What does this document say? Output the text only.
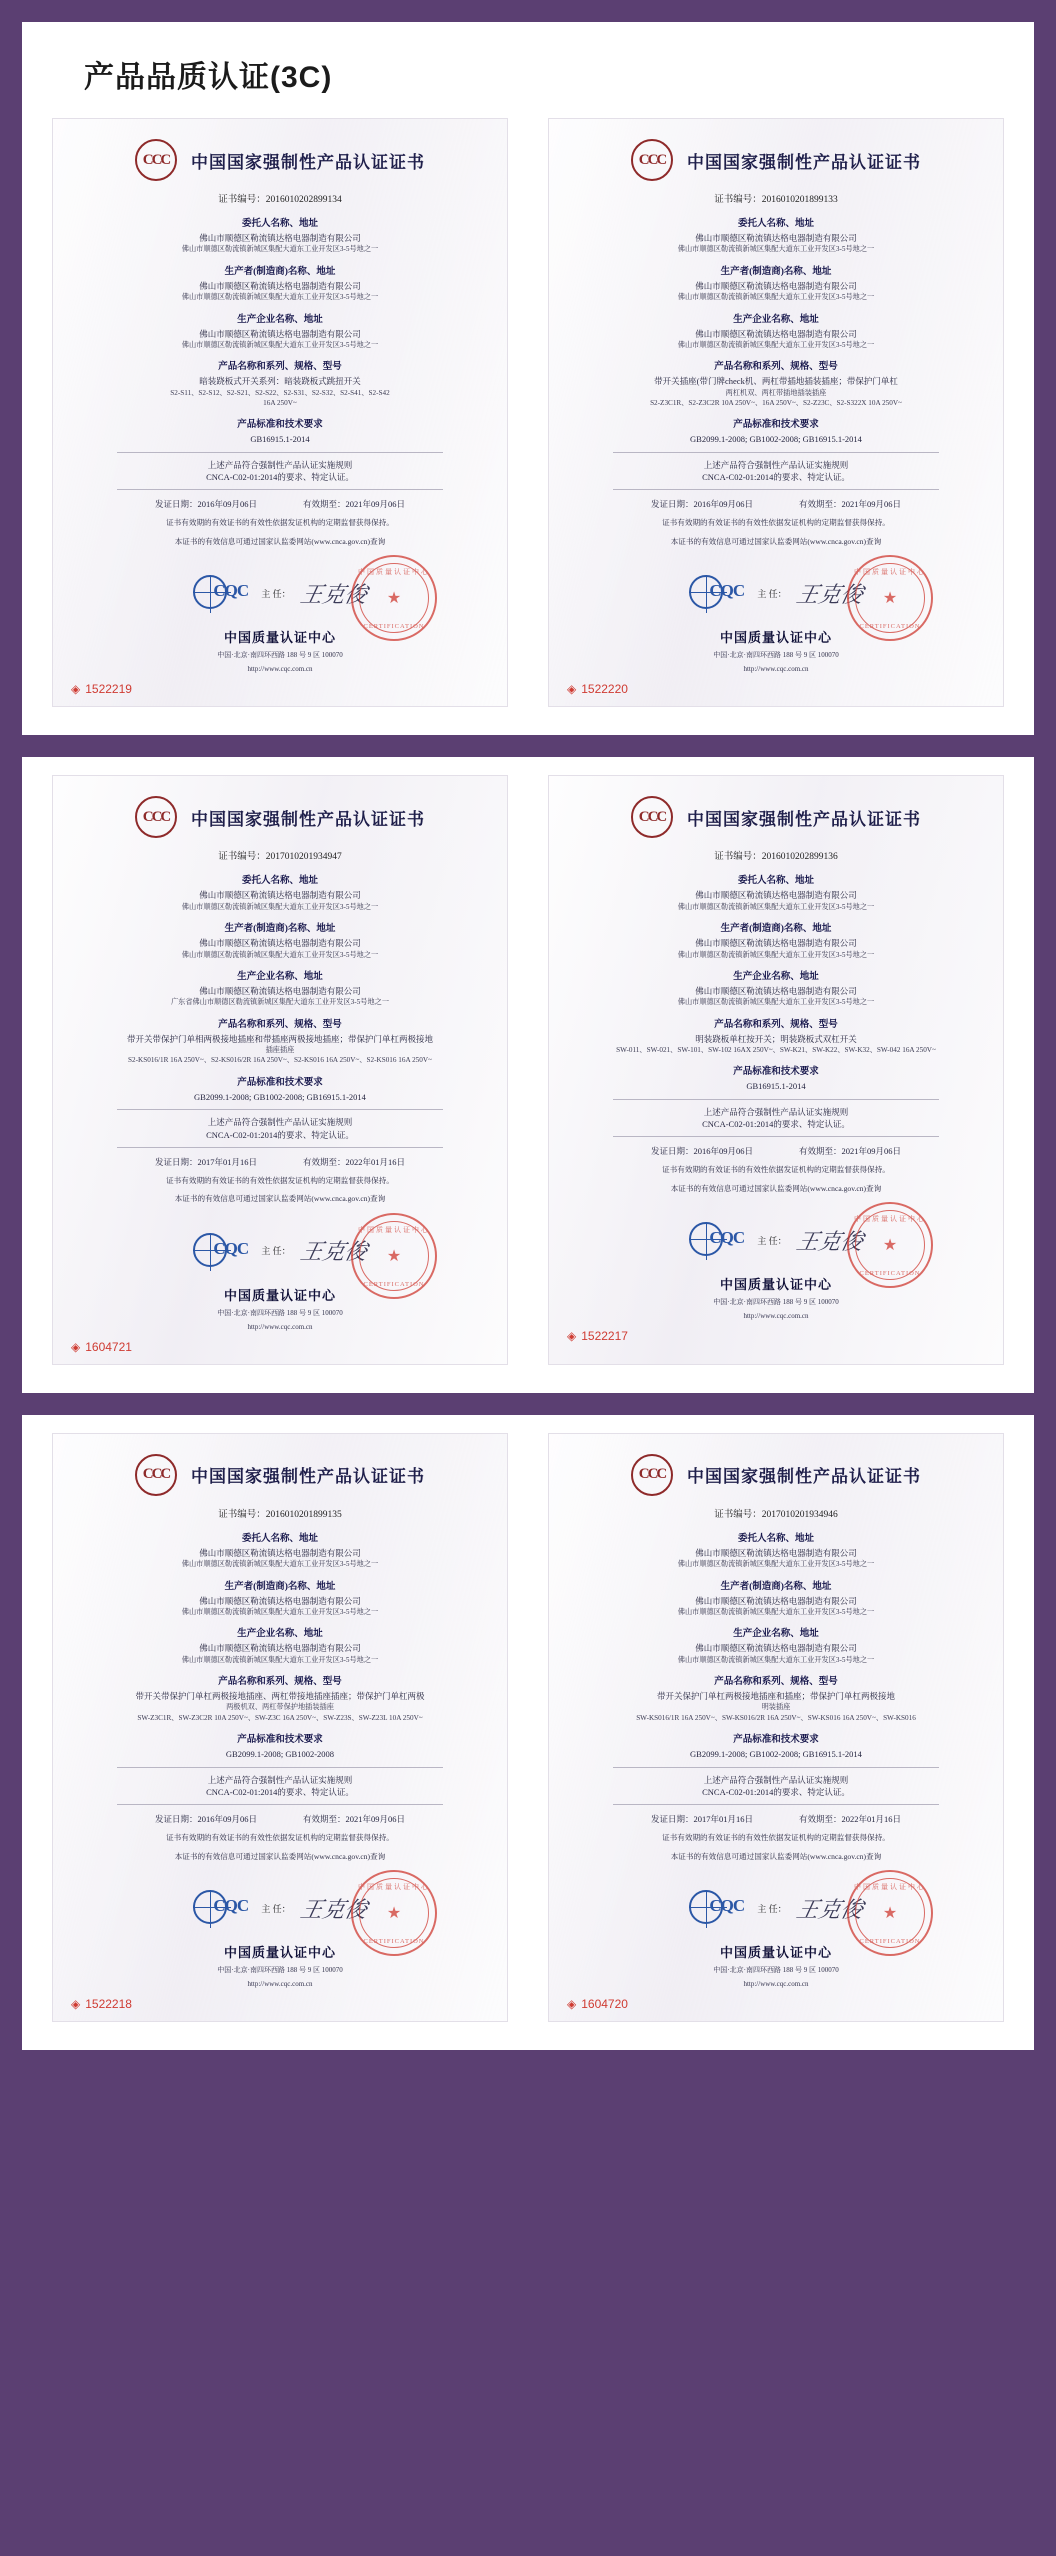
产品品质认证(3C)
CCC	中国国家强制性产品认证证书
证书编号：2016010202899134
委托人名称、地址
佛山市顺德区勒流镇达格电器制造有限公司
佛山市顺德区勒流镇新城区集配大道东工业开发区3-5号地之一
生产者(制造商)名称、地址
佛山市顺德区勒流镇达格电器制造有限公司
佛山市顺德区勒流镇新城区集配大道东工业开发区3-5号地之一
生产企业名称、地址
佛山市顺德区勒流镇达格电器制造有限公司
佛山市顺德区勒流镇新城区集配大道东工业开发区3-5号地之一
产品名称和系列、规格、型号
暗装跷板式开关系列：暗装跷板式跳扭开关
S2-S11、S2-S12、S2-S21、S2-S22、S2-S31、S2-S32、S2-S41、S2-S42
16A 250V~
产品标准和技术要求
GB16915.1-2014
上述产品符合强制性产品认证实施规则
CNCA-C02-01:2014的要求、特定认证。
发证日期：2016年09月06日	有效期至：2021年09月06日
证书有效期的有效证书的有效性依据发证机构的定期监督获得保持。
本证书的有效信息可通过国家认监委网站(www.cnca.gov.cn)查询
CQC 主 任： 王克俊
中国质量认证中心
★
CERTIFICATION
中国质量认证中心
中国·北京·南四环西路 188 号 9 区 100070
http://www.cqc.com.cn
◈ 1522219
CCC	中国国家强制性产品认证证书
证书编号：2016010201899133
委托人名称、地址
佛山市顺德区勒流镇达格电器制造有限公司
佛山市顺德区勒流镇新城区集配大道东工业开发区3-5号地之一
生产者(制造商)名称、地址
佛山市顺德区勒流镇达格电器制造有限公司
佛山市顺德区勒流镇新城区集配大道东工业开发区3-5号地之一
生产企业名称、地址
佛山市顺德区勒流镇达格电器制造有限公司
佛山市顺德区勒流镇新城区集配大道东工业开发区3-5号地之一
产品名称和系列、规格、型号
带开关插座(带门牌check机、两杠带插地插装插座；带保护门单杠
两杠机双、两杠带插地插装插座
S2-Z3C1R、S2-Z3C2R 10A 250V~、16A 250V~、S2-Z23C、S2-S322X 10A 250V~
产品标准和技术要求
GB2099.1-2008; GB1002-2008; GB16915.1-2014
上述产品符合强制性产品认证实施规则
CNCA-C02-01:2014的要求、特定认证。
发证日期：2016年09月06日	有效期至：2021年09月06日
证书有效期的有效证书的有效性依据发证机构的定期监督获得保持。
本证书的有效信息可通过国家认监委网站(www.cnca.gov.cn)查询
CQC 主 任： 王克俊
中国质量认证中心
★
CERTIFICATION
中国质量认证中心
中国·北京·南四环西路 188 号 9 区 100070
http://www.cqc.com.cn
◈ 1522220
CCC	中国国家强制性产品认证证书
证书编号：2017010201934947
委托人名称、地址
佛山市顺德区勒流镇达格电器制造有限公司
佛山市顺德区勒流镇新城区集配大道东工业开发区3-5号地之一
生产者(制造商)名称、地址
佛山市顺德区勒流镇达格电器制造有限公司
佛山市顺德区勒流镇新城区集配大道东工业开发区3-5号地之一
生产企业名称、地址
佛山市顺德区勒流镇达格电器制造有限公司
广东省佛山市顺德区勒流镇新城区集配大道东工业开发区3-5号地之一
产品名称和系列、规格、型号
带开关带保护门单相两极接地插座和带插座两极接地插座；带保护门单杠两极接地
插座插座
S2-KS016/1R 16A 250V~、S2-KS016/2R 16A 250V~、S2-KS016 16A 250V~、S2-KS016 16A 250V~
产品标准和技术要求
GB2099.1-2008; GB1002-2008; GB16915.1-2014
上述产品符合强制性产品认证实施规则
CNCA-C02-01:2014的要求、特定认证。
发证日期：2017年01月16日	有效期至：2022年01月16日
证书有效期的有效证书的有效性依据发证机构的定期监督获得保持。
本证书的有效信息可通过国家认监委网站(www.cnca.gov.cn)查询
CQC 主 任： 王克俊
中国质量认证中心
★
CERTIFICATION
中国质量认证中心
中国·北京·南四环西路 188 号 9 区 100070
http://www.cqc.com.cn
◈ 1604721
CCC	中国国家强制性产品认证证书
证书编号：2016010202899136
委托人名称、地址
佛山市顺德区勒流镇达格电器制造有限公司
佛山市顺德区勒流镇新城区集配大道东工业开发区3-5号地之一
生产者(制造商)名称、地址
佛山市顺德区勒流镇达格电器制造有限公司
佛山市顺德区勒流镇新城区集配大道东工业开发区3-5号地之一
生产企业名称、地址
佛山市顺德区勒流镇达格电器制造有限公司
佛山市顺德区勒流镇新城区集配大道东工业开发区3-5号地之一
产品名称和系列、规格、型号
明装跷板单杠按开关；明装跷板式双杠开关
SW-011、SW-021、SW-101、SW-102 16AX 250V~、SW-K21、SW-K22、SW-K32、SW-042 16A 250V~
产品标准和技术要求
GB16915.1-2014
上述产品符合强制性产品认证实施规则
CNCA-C02-01:2014的要求、特定认证。
发证日期：2016年09月06日	有效期至：2021年09月06日
证书有效期的有效证书的有效性依据发证机构的定期监督获得保持。
本证书的有效信息可通过国家认监委网站(www.cnca.gov.cn)查询
CQC 主 任： 王克俊
中国质量认证中心
★
CERTIFICATION
中国质量认证中心
中国·北京·南四环西路 188 号 9 区 100070
http://www.cqc.com.cn
◈ 1522217
CCC	中国国家强制性产品认证证书
证书编号：2016010201899135
委托人名称、地址
佛山市顺德区勒流镇达格电器制造有限公司
佛山市顺德区勒流镇新城区集配大道东工业开发区3-5号地之一
生产者(制造商)名称、地址
佛山市顺德区勒流镇达格电器制造有限公司
佛山市顺德区勒流镇新城区集配大道东工业开发区3-5号地之一
生产企业名称、地址
佛山市顺德区勒流镇达格电器制造有限公司
佛山市顺德区勒流镇新城区集配大道东工业开发区3-5号地之一
产品名称和系列、规格、型号
带开关带保护门单杠两极接地插座、两杠带接地插座插座；带保护门单杠两极
两极机双、两杠带保护地插装插座
SW-Z3C1R、SW-Z3C2R 10A 250V~、SW-Z3C 16A 250V~、SW-Z23S、SW-Z23L 10A 250V~
产品标准和技术要求
GB2099.1-2008; GB1002-2008
上述产品符合强制性产品认证实施规则
CNCA-C02-01:2014的要求、特定认证。
发证日期：2016年09月06日	有效期至：2021年09月06日
证书有效期的有效证书的有效性依据发证机构的定期监督获得保持。
本证书的有效信息可通过国家认监委网站(www.cnca.gov.cn)查询
CQC 主 任： 王克俊
中国质量认证中心
★
CERTIFICATION
中国质量认证中心
中国·北京·南四环西路 188 号 9 区 100070
http://www.cqc.com.cn
◈ 1522218
CCC	中国国家强制性产品认证证书
证书编号：2017010201934946
委托人名称、地址
佛山市顺德区勒流镇达格电器制造有限公司
佛山市顺德区勒流镇新城区集配大道东工业开发区3-5号地之一
生产者(制造商)名称、地址
佛山市顺德区勒流镇达格电器制造有限公司
佛山市顺德区勒流镇新城区集配大道东工业开发区3-5号地之一
生产企业名称、地址
佛山市顺德区勒流镇达格电器制造有限公司
佛山市顺德区勒流镇新城区集配大道东工业开发区3-5号地之一
产品名称和系列、规格、型号
带开关保护门单杠两极接地插座和插座；带保护门单杠两极接地
明装插座
SW-KS016/1R 16A 250V~、SW-KS016/2R 16A 250V~、SW-KS016 16A 250V~、SW-KS016
产品标准和技术要求
GB2099.1-2008; GB1002-2008; GB16915.1-2014
上述产品符合强制性产品认证实施规则
CNCA-C02-01:2014的要求、特定认证。
发证日期：2017年01月16日	有效期至：2022年01月16日
证书有效期的有效证书的有效性依据发证机构的定期监督获得保持。
本证书的有效信息可通过国家认监委网站(www.cnca.gov.cn)查询
CQC 主 任： 王克俊
中国质量认证中心
★
CERTIFICATION
中国质量认证中心
中国·北京·南四环西路 188 号 9 区 100070
http://www.cqc.com.cn
◈ 1604720
